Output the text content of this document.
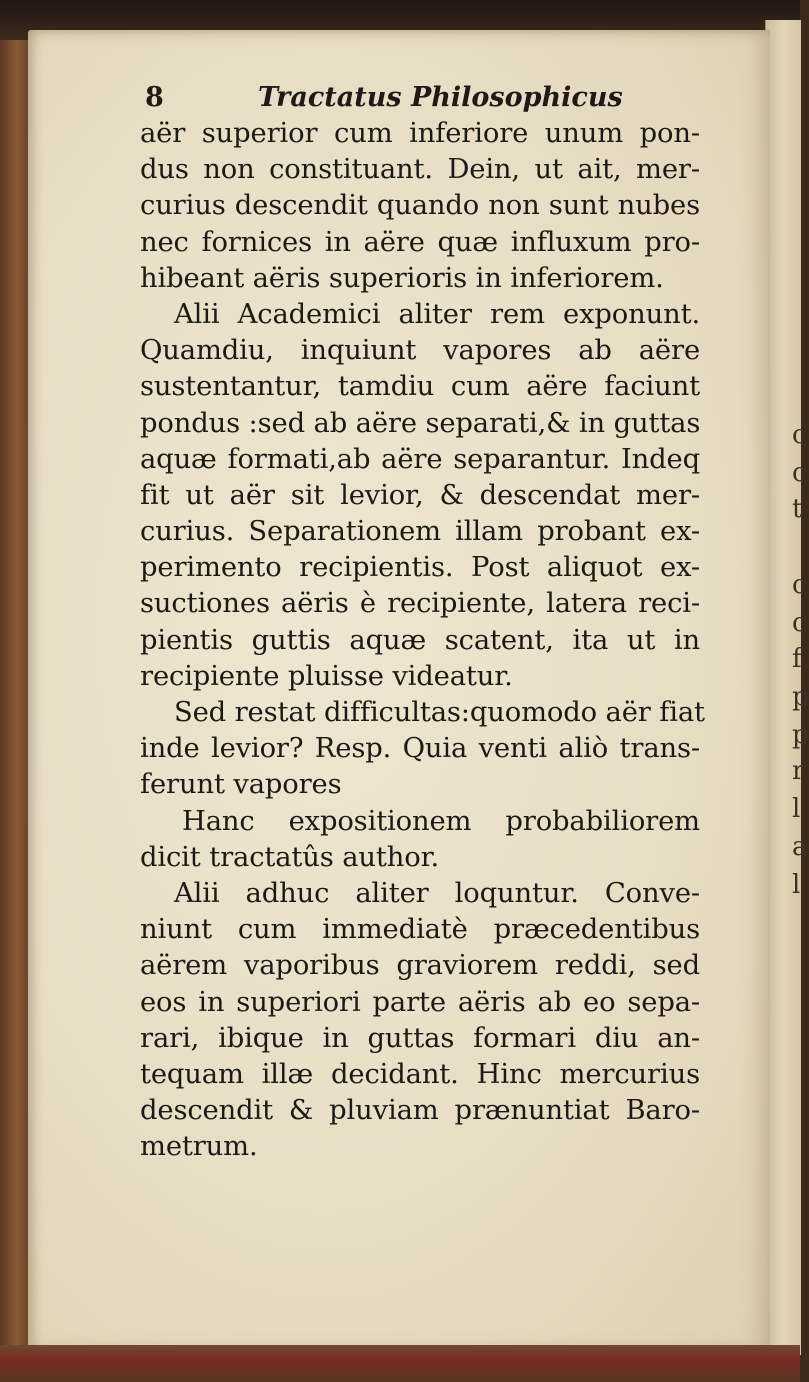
c
c
t
c
c
f
p
p
r
l
a
l
8	Tractatus Philosophicus
aër superior cum inferiore unum pon-
dus non constituant. Dein, ut ait, mer-
curius descendit quando non sunt nubes
nec fornices in aëre quæ influxum pro-
hibeant aëris superioris in inferiorem.
Alii Academici aliter rem exponunt.
Quamdiu, inquiunt vapores ab aëre
sustentantur, tamdiu cum aëre faciunt
pondus :sed ab aëre separati,& in guttas
aquæ formati,ab aëre separantur. Indeq
fit ut aër sit levior, & descendat mer-
curius. Separationem illam probant ex-
perimento recipientis. Post aliquot ex-
suctiones aëris è recipiente, latera reci-
pientis guttis aquæ scatent, ita ut in
recipiente pluisse videatur.
Sed restat difficultas:quomodo aër fiat
inde levior? Resp. Quia venti aliò trans-
ferunt vapores
Hanc expositionem probabiliorem
dicit tractatûs author.
Alii adhuc aliter loquntur. Conve-
niunt cum immediatè præcedentibus
aërem vaporibus graviorem reddi, sed
eos in superiori parte aëris ab eo sepa-
rari, ibique in guttas formari diu an-
tequam illæ decidant. Hinc mercurius
descendit & pluviam prænuntiat Baro-
metrum.
